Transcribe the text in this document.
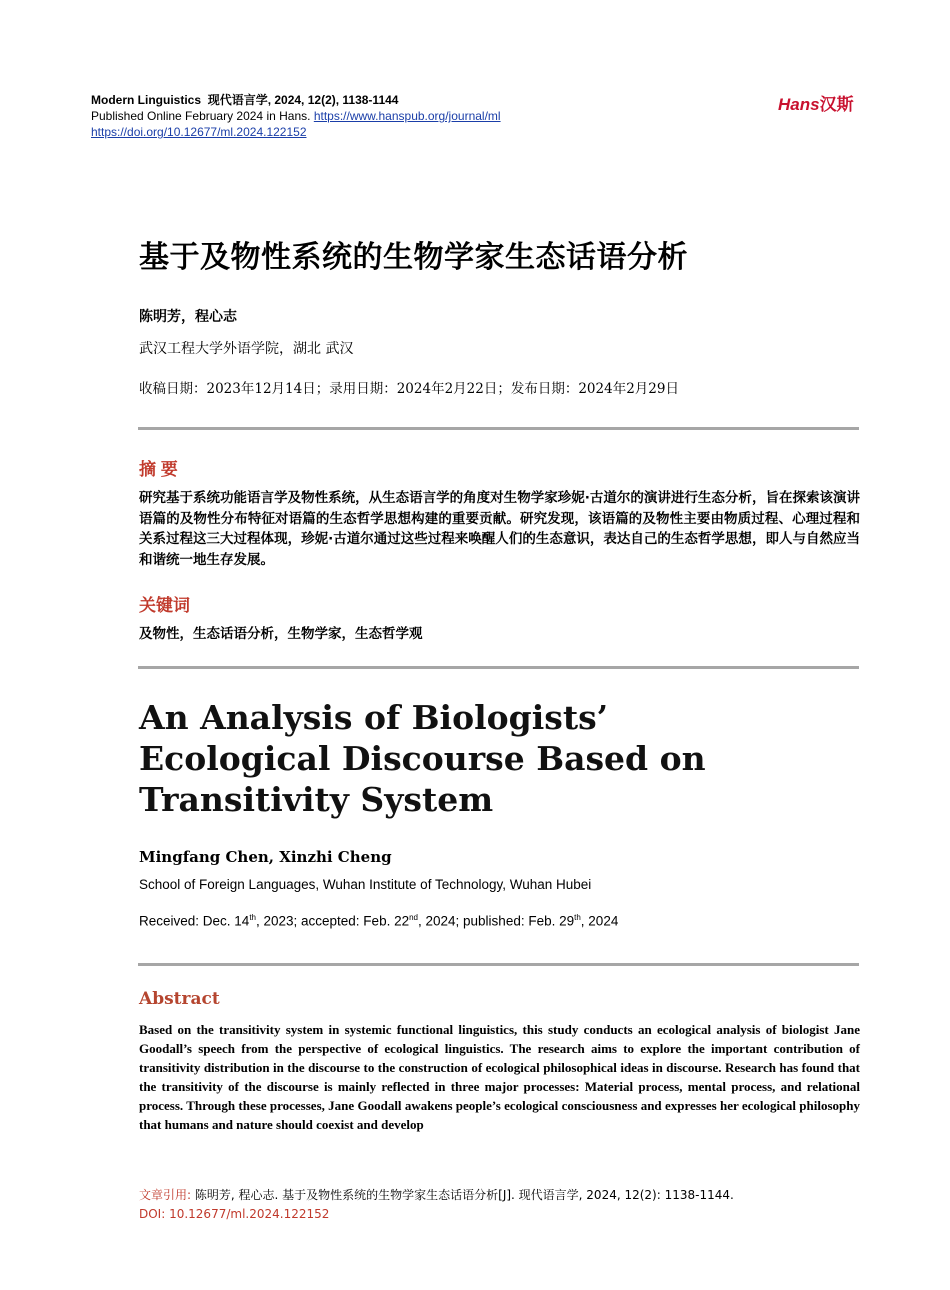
Modern Linguistics 现代语言学, 2024, 12(2), 1138-1144
Published Online February 2024 in Hans. https://www.hanspub.org/journal/ml
https://doi.org/10.12677/ml.2024.122152
Hans汉斯
基于及物性系统的生物学家生态话语分析
陈明芳，程心志
武汉工程大学外语学院，湖北 武汉
收稿日期：2023年12月14日；录用日期：2024年2月22日；发布日期：2024年2月29日
摘 要
研究基于系统功能语言学及物性系统，从生态语言学的角度对生物学家珍妮·古道尔的演讲进行生态分析，旨在探索该演讲语篇的及物性分布特征对语篇的生态哲学思想构建的重要贡献。研究发现，该语篇的及物性主要由物质过程、心理过程和关系过程这三大过程体现，珍妮·古道尔通过这些过程来唤醒人们的生态意识，表达自己的生态哲学思想，即人与自然应当和谐统一地生存发展。
关键词
及物性，生态话语分析，生物学家，生态哲学观
An Analysis of Biologists’ Ecological Discourse Based on Transitivity System
Mingfang Chen, Xinzhi Cheng
School of Foreign Languages, Wuhan Institute of Technology, Wuhan Hubei
Received: Dec. 14th, 2023; accepted: Feb. 22nd, 2024; published: Feb. 29th, 2024
Abstract
Based on the transitivity system in systemic functional linguistics, this study conducts an ecological analysis of biologist Jane Goodall’s speech from the perspective of ecological linguistics. The research aims to explore the important contribution of transitivity distribution in the discourse to the construction of ecological philosophical ideas in discourse. Research has found that the transitivity of the discourse is mainly reflected in three major processes: Material process, mental process, and relational process. Through these processes, Jane Goodall awakens people’s ecological consciousness and expresses her ecological philosophy that humans and nature should coexist and develop
文章引用: 陈明芳, 程心志. 基于及物性系统的生物学家生态话语分析[J]. 现代语言学, 2024, 12(2): 1138-1144.
DOI: 10.12677/ml.2024.122152
